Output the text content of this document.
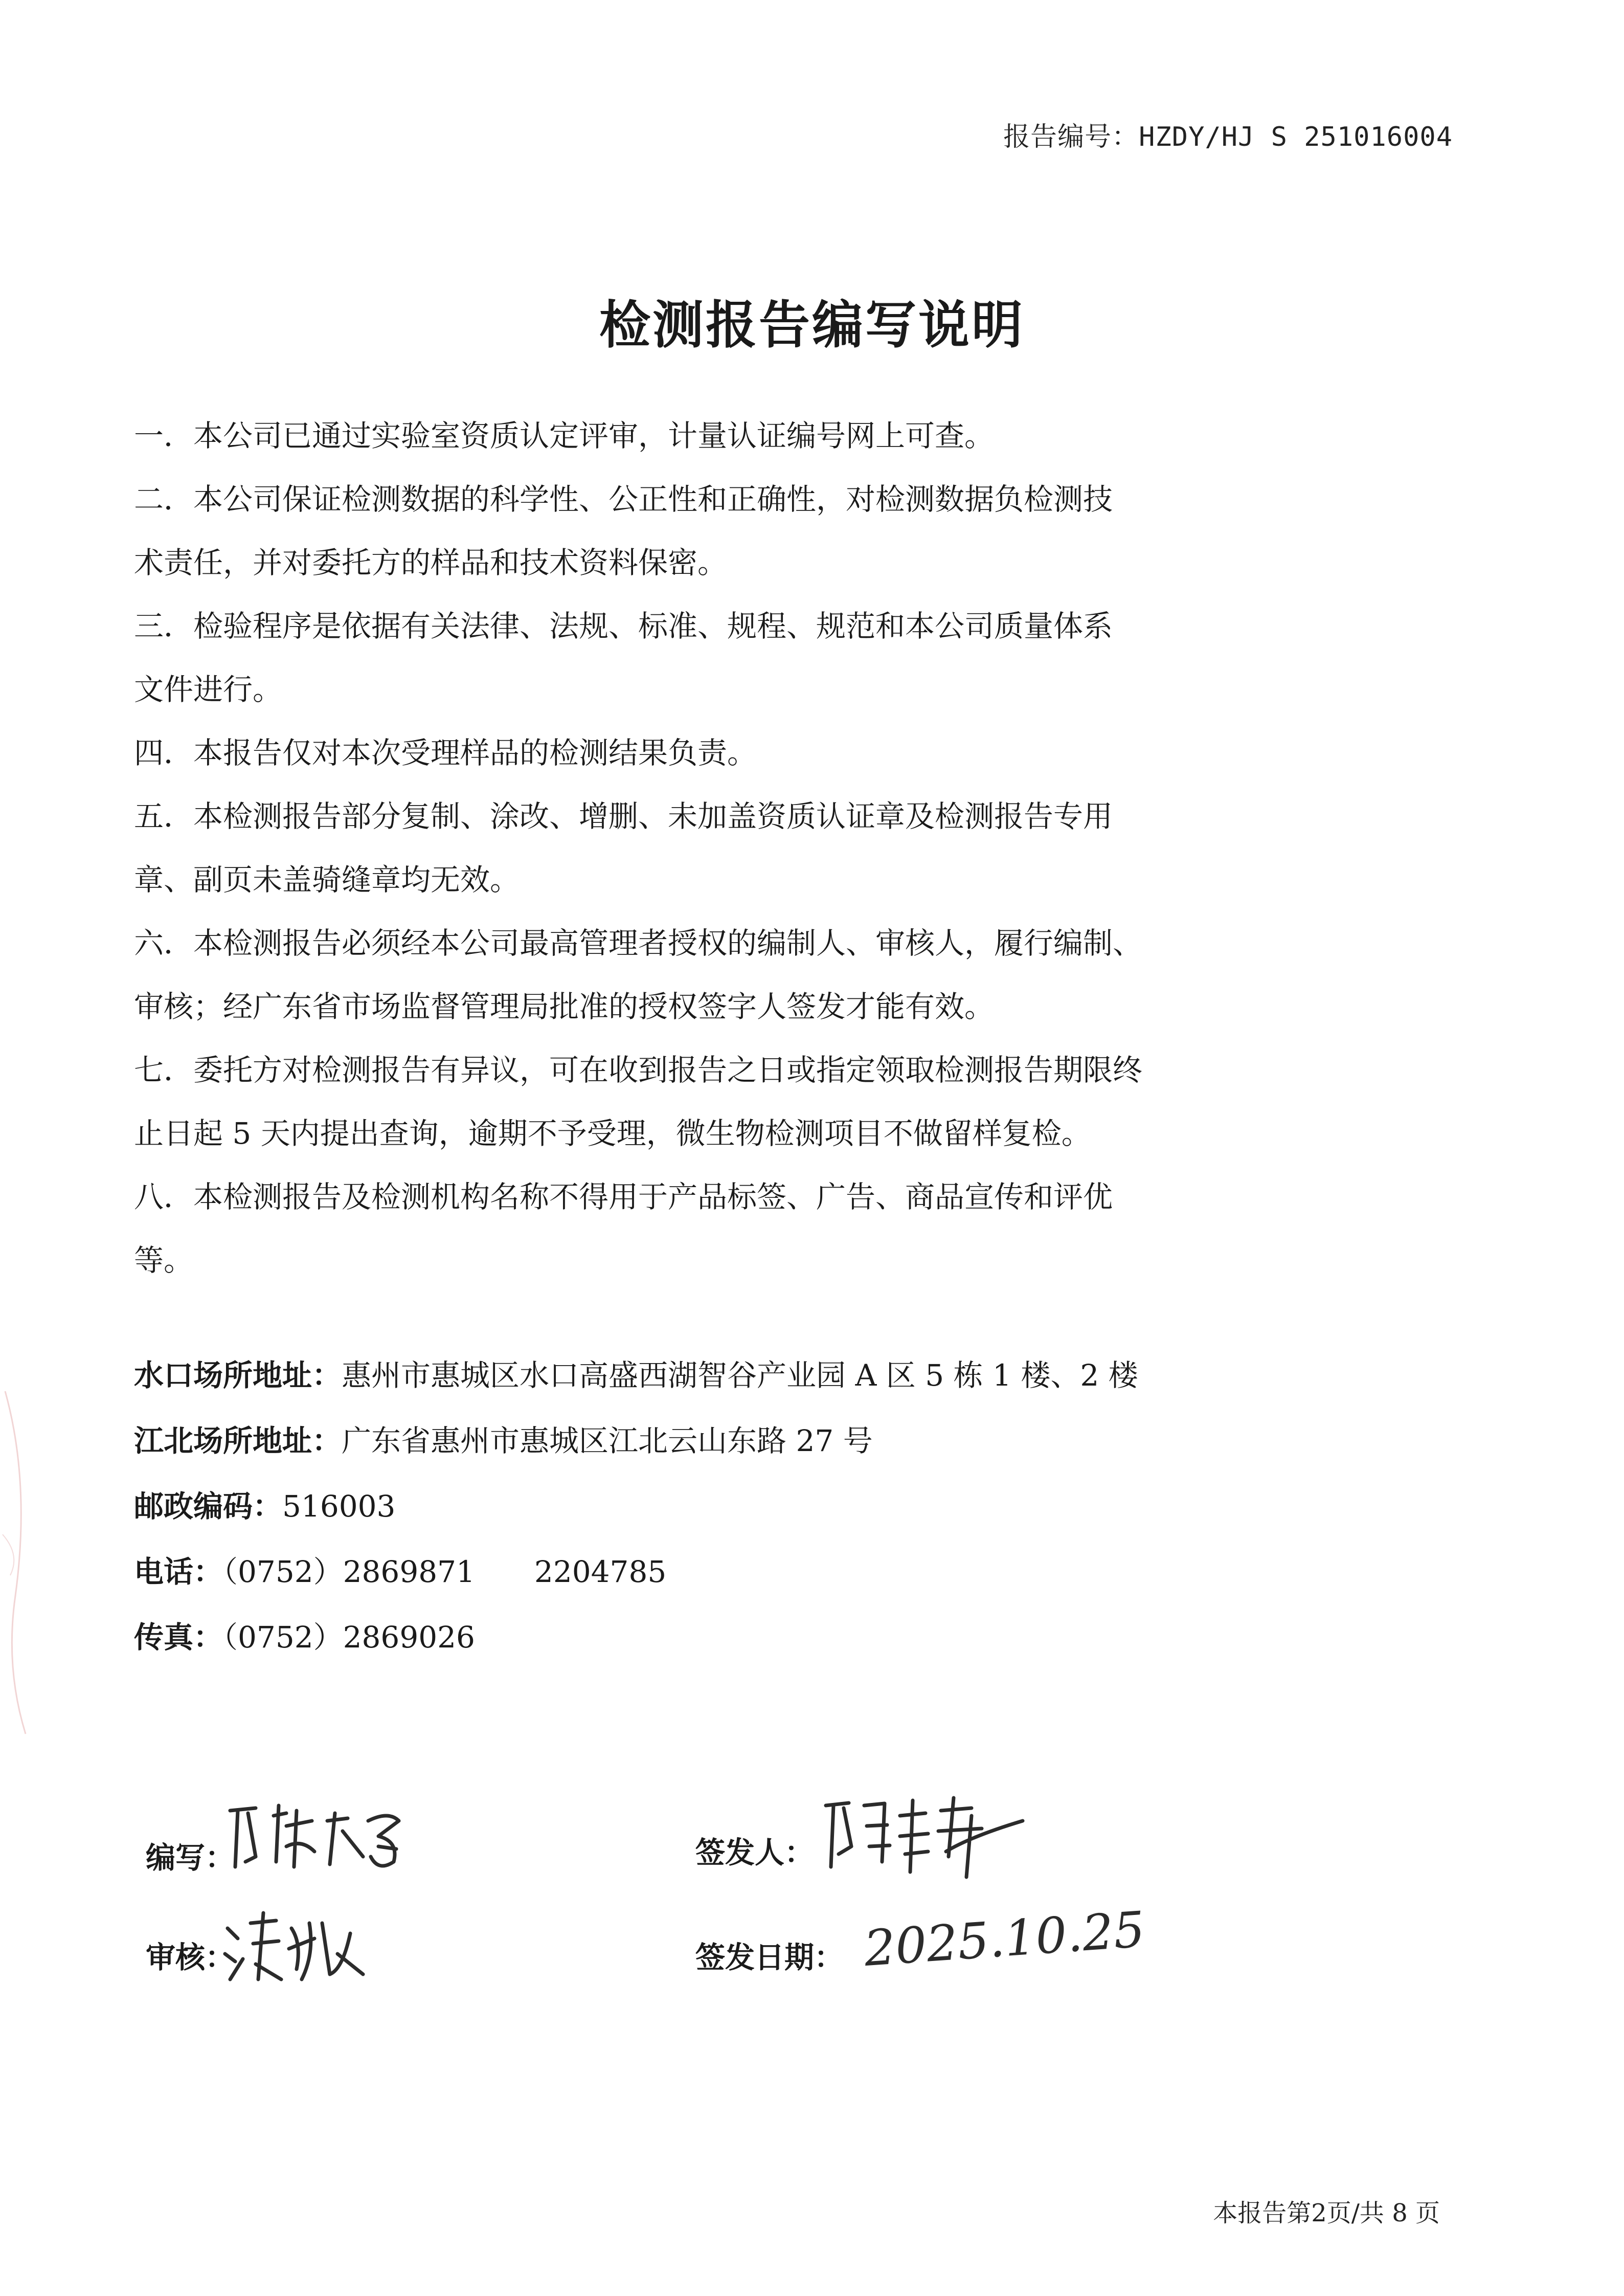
报告编号：HZDY/HJ S 251016004
检测报告编写说明
一．本公司已通过实验室资质认定评审，计量认证编号网上可查。
二．本公司保证检测数据的科学性、公正性和正确性，对检测数据负检测技
术责任，并对委托方的样品和技术资料保密。
三．检验程序是依据有关法律、法规、标准、规程、规范和本公司质量体系
文件进行。
四．本报告仅对本次受理样品的检测结果负责。
五．本检测报告部分复制、涂改、增删、未加盖资质认证章及检测报告专用
章、副页未盖骑缝章均无效。
六．本检测报告必须经本公司最高管理者授权的编制人、审核人，履行编制、
审核；经广东省市场监督管理局批准的授权签字人签发才能有效。
七．委托方对检测报告有异议，可在收到报告之日或指定领取检测报告期限终
止日起 5 天内提出查询，逾期不予受理，微生物检测项目不做留样复检。
八．本检测报告及检测机构名称不得用于产品标签、广告、商品宣传和评优
等。
水口场所地址：惠州市惠城区水口高盛西湖智谷产业园 A 区 5 栋 1 楼、2 楼
江北场所地址：广东省惠州市惠城区江北云山东路 27 号
邮政编码：516003
电话：（0752）2869871　　2204785
传真：（0752）2869026
编写：
审核：
签发人：
签发日期： 2025.10.25
本报告第2页/共 8 页
